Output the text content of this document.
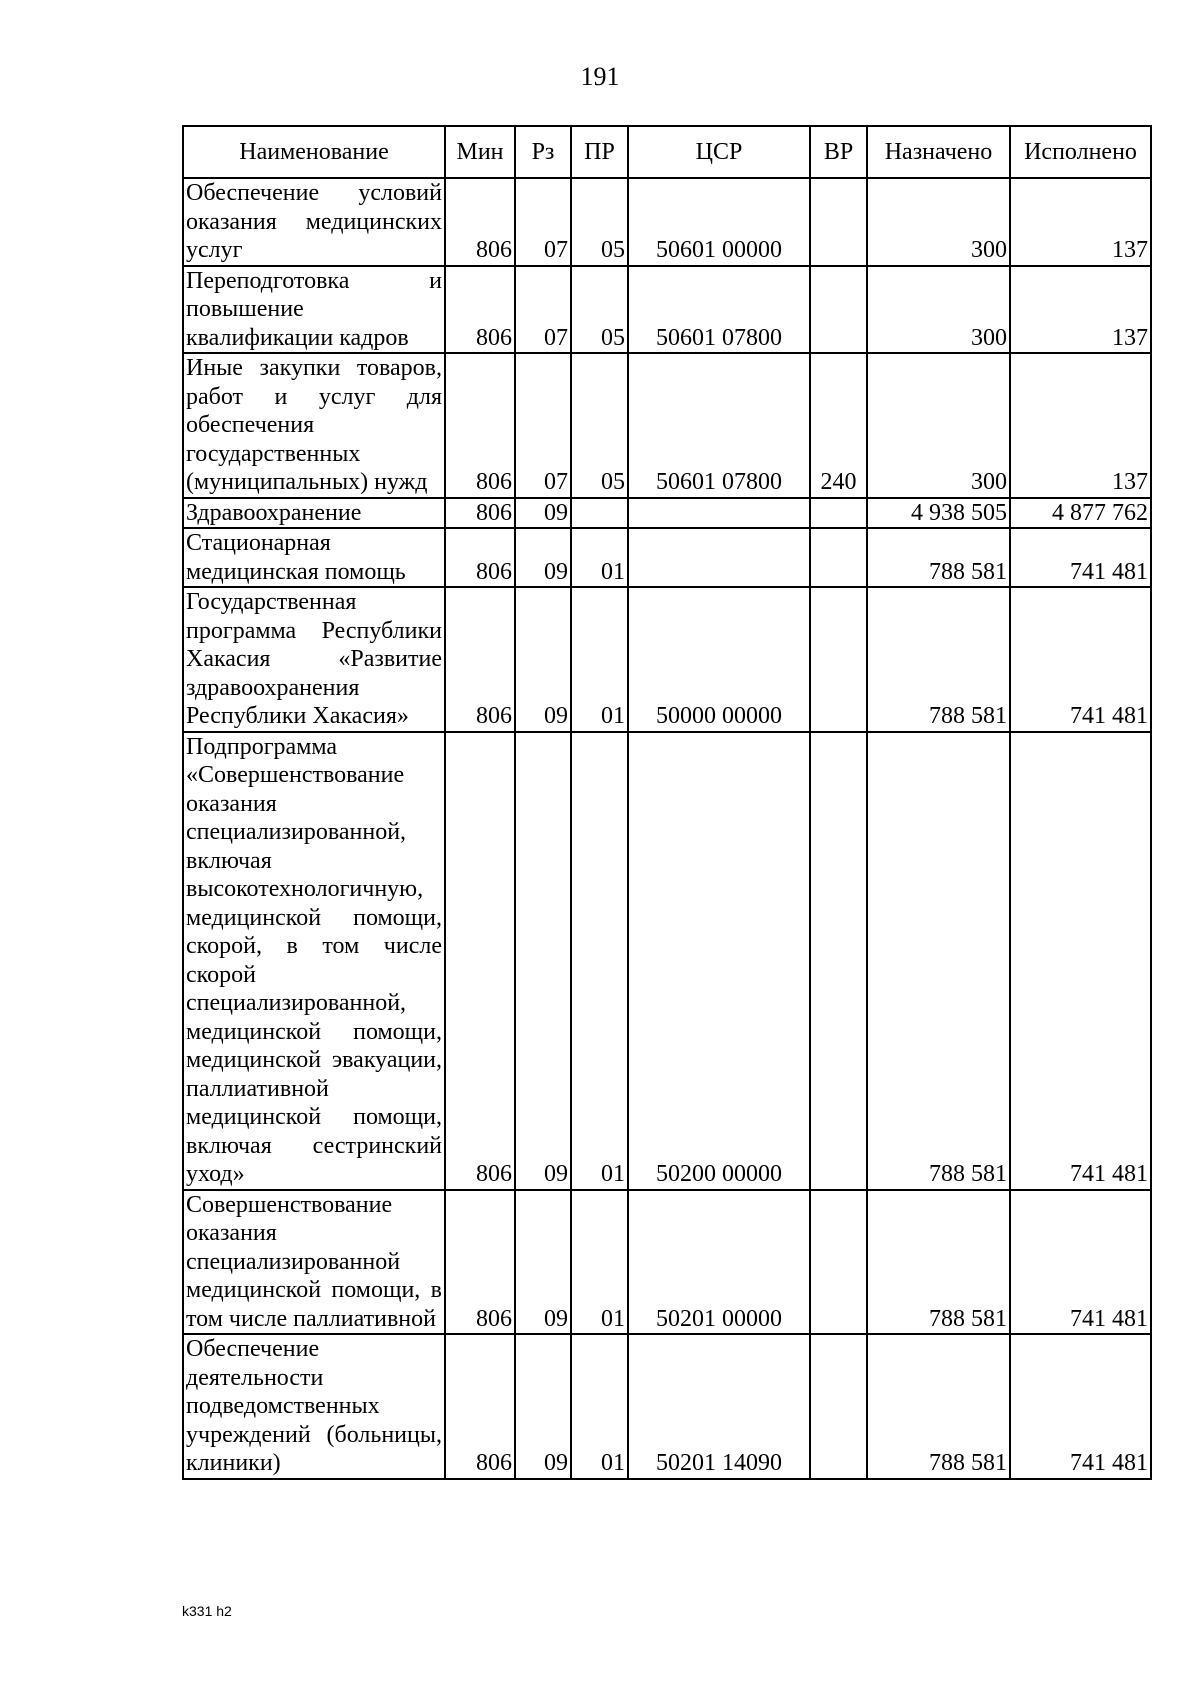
191
Наименование	Мин	Рз	ПР	ЦСР	ВР	Назначено	Исполнено
Обеспечение условий оказания медицинских услуг	806	07	05	50601 00000		300	137
Переподготовка и повышение квалификации кадров	806	07	05	50601 07800		300	137
Иные закупки товаров, работ и услуг для обеспечения государственных (муниципальных) нужд	806	07	05	50601 07800	240	300	137
Здравоохранение	806	09				4 938 505	4 877 762
Стационарная медицинская помощь	806	09	01			788 581	741 481
Государственная программа Республики Хакасия «Развитие здравоохранения Республики Хакасия»	806	09	01	50000 00000		788 581	741 481
Подпрограмма «Совершенствование оказания специализированной, включая высокотехнологичную, медицинской помощи, скорой, в том числе скорой специализированной, медицинской помощи, медицинской эвакуации, паллиативной медицинской помощи, включая сестринский уход»	806	09	01	50200 00000		788 581	741 481
Совершенствование оказания специализированной медицинской помощи, в том числе паллиативной	806	09	01	50201 00000		788 581	741 481
Обеспечение деятельности подведомственных учреждений (больницы, клиники)	806	09	01	50201 14090		788 581	741 481
k331 h2
